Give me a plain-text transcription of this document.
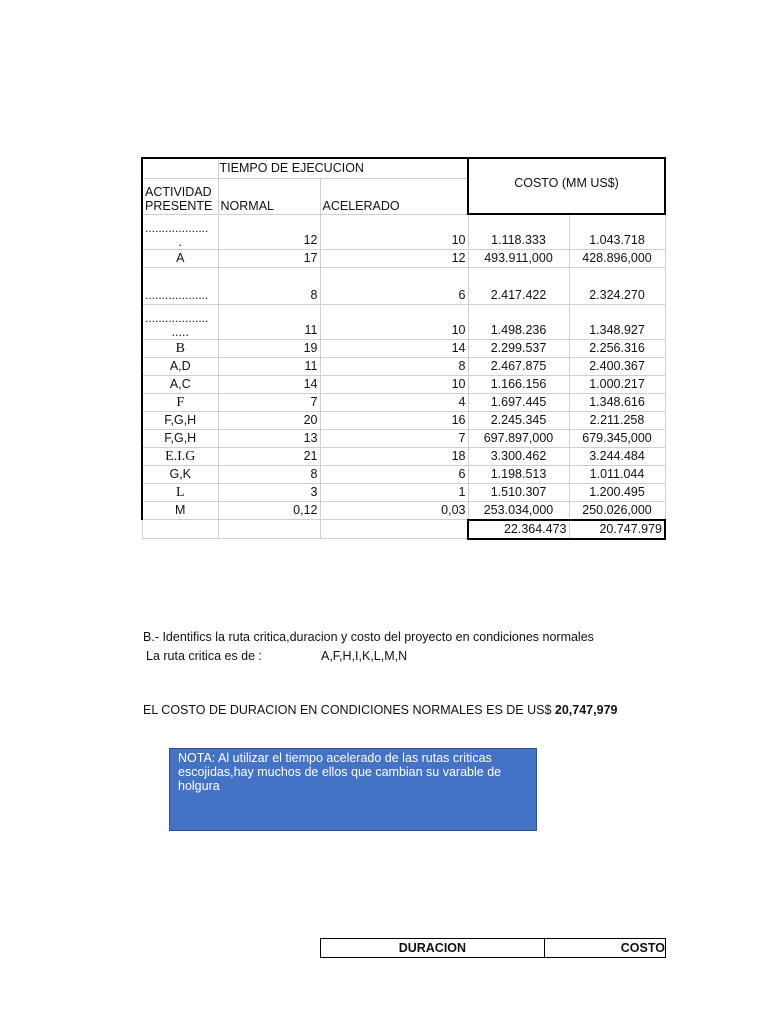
	TIEMPO DE EJECUCION		COSTO (MM US$)	

ACTIVIDAD
PRESENTE	NORMAL	ACELERADO		

...................
.	12	10	1.118.333	1.043.718
A	17	12	493.911,000	428.896,000
...................	8	6	2.417.422	2.324.270

...................
.....	11	10	1.498.236	1.348.927
B	19	14	2.299.537	2.256.316
A,D	11	8	2.467.875	2.400.367
A,C	14	10	1.166.156	1.000.217
F	7	4	1.697.445	1.348.616
F,G,H	20	16	2.245.345	2.211.258
F,G,H	13	7	697.897,000	679.345,000
E.I.G	21	18	3.300.462	3.244.484
G,K	8	6	1.198.513	1.011.044
L	3	1	1.510.307	1.200.495
M	0,12	0,03	253.034,000	250.026,000
			22.364.473	20.747.979
B.- Identifics la ruta critica,duracion y costo del proyecto en condiciones normales
La ruta critica es de :	A,F,H,I,K,L,M,N
EL COSTO DE DURACION EN CONDICIONES NORMALES ES DE US$ 20,747,979
NOTA: Al utilizar el tiempo acelerado de las rutas criticas escojidas,hay muchos de ellos que cambian su varable de holgura
DURACION	COSTO
